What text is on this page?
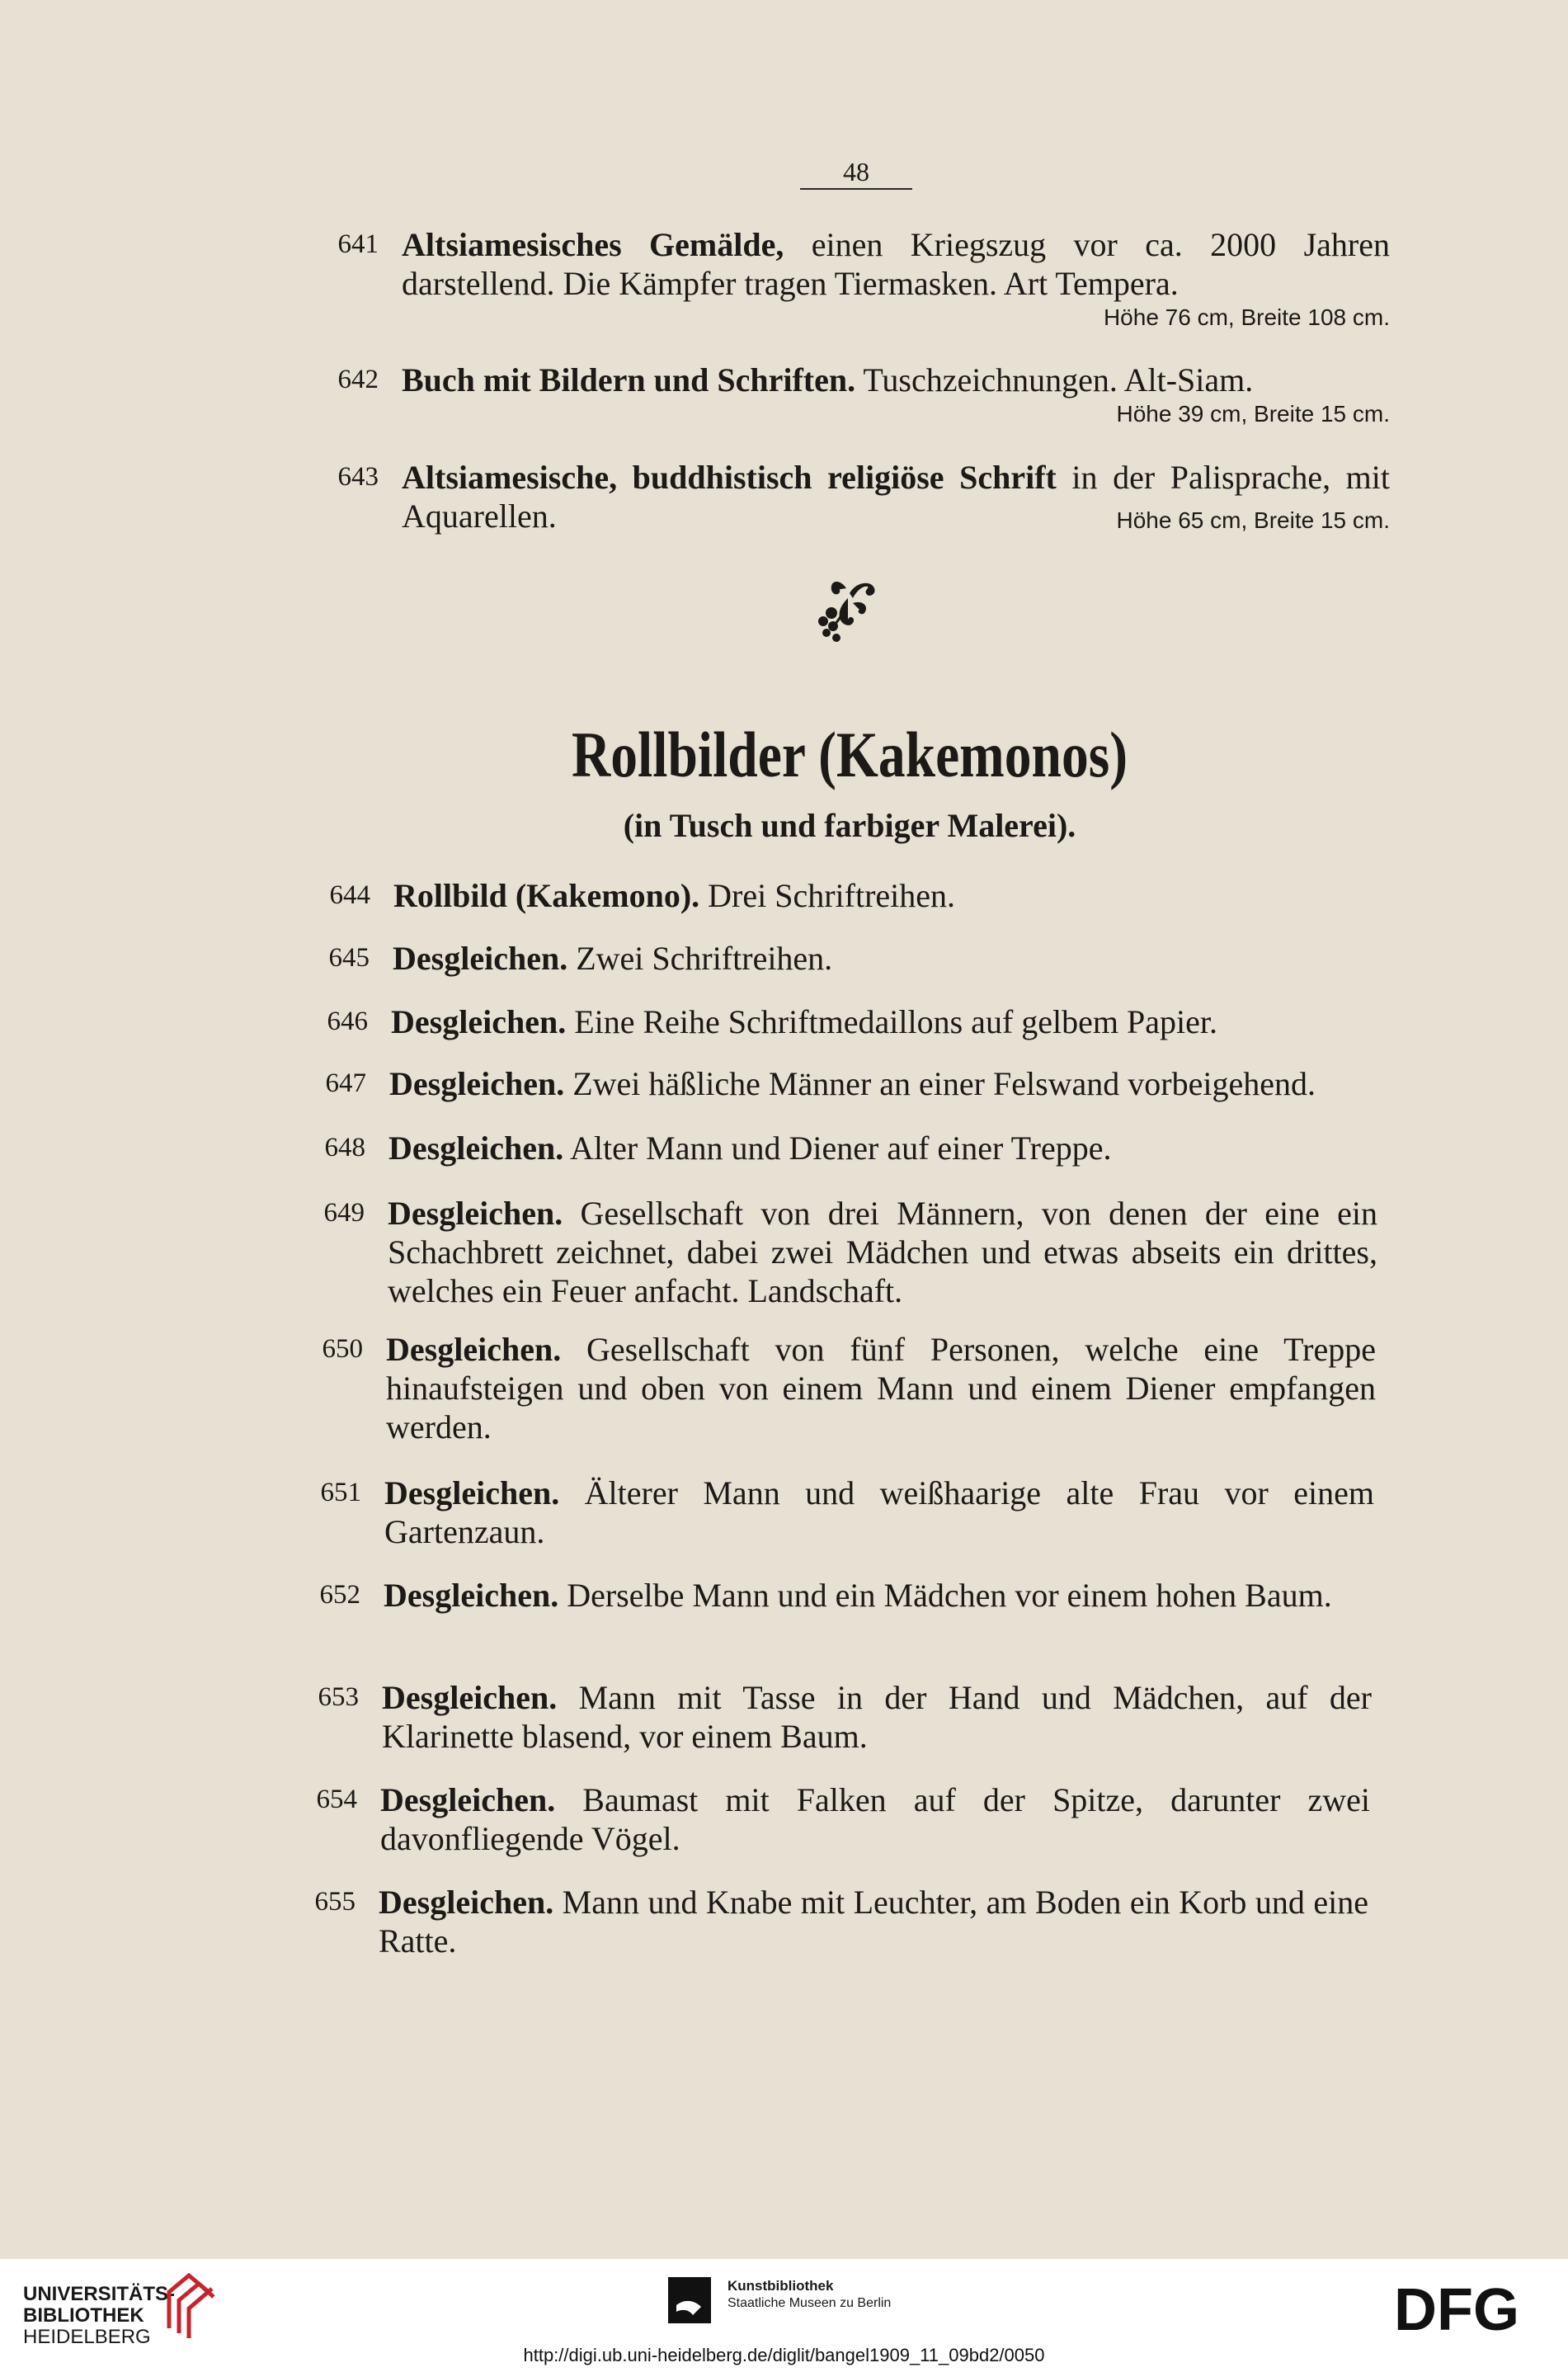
48
641 Altsiamesisches Gemälde, einen Kriegszug vor ca. 2000 Jahren darstellend. Die Kämpfer tragen Tiermasken. Art Tempera.
Höhe 76 cm, Breite 108 cm.
642 Buch mit Bildern und Schriften. Tuschzeichnungen. Alt-Siam.
Höhe 39 cm, Breite 15 cm.
643 Altsiamesische, buddhistisch religiöse Schrift in der Palisprache, mit Aquarellen.	Höhe 65 cm, Breite 15 cm.
Rollbilder (Kakemonos)
(in Tusch und farbiger Malerei).
644 Rollbild (Kakemono). Drei Schriftreihen.
645 Desgleichen. Zwei Schriftreihen.
646 Desgleichen. Eine Reihe Schriftmedaillons auf gelbem Papier.
647 Desgleichen. Zwei häßliche Männer an einer Felswand vorbeigehend.
648 Desgleichen. Alter Mann und Diener auf einer Treppe.
649 Desgleichen. Gesellschaft von drei Männern, von denen der eine ein Schachbrett zeichnet, dabei zwei Mädchen und etwas abseits ein drittes, welches ein Feuer anfacht. Landschaft.
650 Desgleichen. Gesellschaft von fünf Personen, welche eine Treppe hinaufsteigen und oben von einem Mann und einem Diener empfangen werden.
651 Desgleichen. Älterer Mann und weißhaarige alte Frau vor einem Gartenzaun.
652 Desgleichen. Derselbe Mann und ein Mädchen vor einem hohen Baum.
653 Desgleichen. Mann mit Tasse in der Hand und Mädchen, auf der Klarinette blasend, vor einem Baum.
654 Desgleichen. Baumast mit Falken auf der Spitze, darunter zwei davonfliegende Vögel.
655 Desgleichen. Mann und Knabe mit Leuchter, am Boden ein Korb und eine Ratte.
UNIVERSITÄTS-
BIBLIOTHEK
HEIDELBERG
Kunstbibliothek
Staatliche Museen zu Berlin	DFG
http://digi.ub.uni-heidelberg.de/diglit/bangel1909_11_09bd2/0050
